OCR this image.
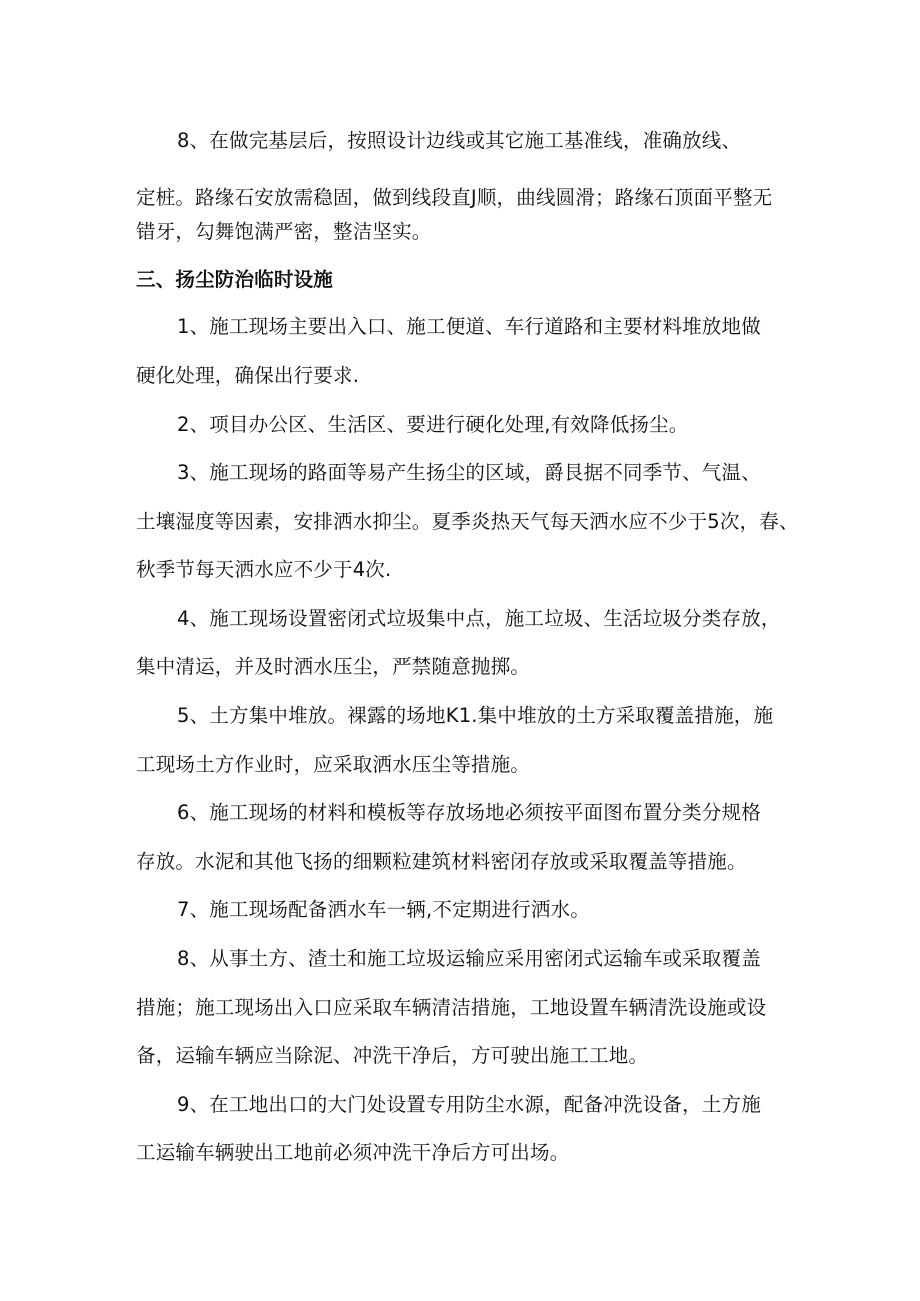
8、在做完基层后，按照设计边线或其它施工基准线，准确放线、
定桩。路缘石安放需稳固，做到线段直J顺，曲线圆滑；路缘石顶面平整无
错牙，勾舞饱满严密，整洁坚实。
三、扬尘防治临时设施
1、施工现场主要出入口、施工便道、车行道路和主要材料堆放地做
硬化处理，确保出行要求.
2、项目办公区、生活区、要进行硬化处理,有效降低扬尘。
3、施工现场的路面等易产生扬尘的区域，爵艮据不同季节、气温、
土壤湿度等因素，安排洒水抑尘。夏季炎热天气每天洒水应不少于5次，春、
秋季节每天洒水应不少于4次.
4、施工现场设置密闭式垃圾集中点，施工垃圾、生活垃圾分类存放，
集中清运，并及时洒水压尘，严禁随意抛掷。
5、土方集中堆放。裸露的场地K1.集中堆放的土方采取覆盖措施，施
工现场土方作业时，应采取洒水压尘等措施。
6、施工现场的材料和模板等存放场地必须按平面图布置分类分规格
存放。水泥和其他飞扬的细颗粒建筑材料密闭存放或采取覆盖等措施。
7、施工现场配备洒水车一辆,不定期进行洒水。
8、从事土方、渣土和施工垃圾运输应采用密闭式运输车或采取覆盖
措施；施工现场出入口应采取车辆清洁措施，工地设置车辆清洗设施或设
备，运输车辆应当除泥、冲洗干净后，方可驶出施工工地。
9、在工地出口的大门处设置专用防尘水源，配备冲洗设备，土方施
工运输车辆驶出工地前必须冲洗干净后方可出场。
